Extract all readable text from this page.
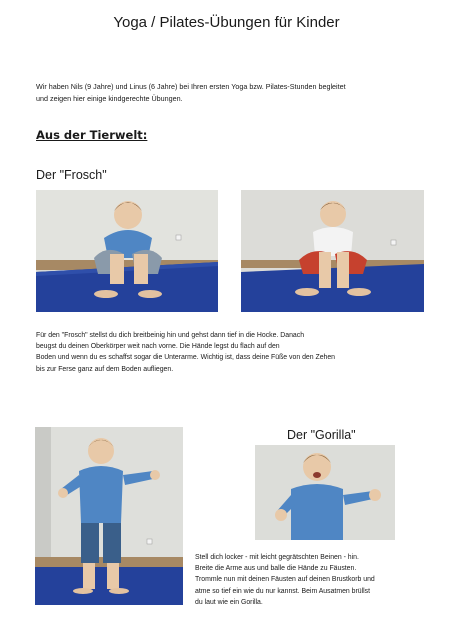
Yoga / Pilates-Übungen für Kinder
Wir haben Nils (9 Jahre) und Linus (6 Jahre) bei Ihren ersten Yoga bzw. Pilates-Stunden begleitet
und zeigen hier einige kindgerechte Übungen.
Aus der Tierwelt:
Der "Frosch"
Für den "Frosch" stellst du dich breitbeinig hin und gehst dann tief in die Hocke. Danach
beugst du deinen Oberkörper weit nach vorne. Die Hände legst du flach auf den
Boden und wenn du es schaffst sogar die Unterarme. Wichtig ist, dass deine Füße von den Zehen
bis zur Ferse ganz auf dem Boden aufliegen.
Der "Gorilla"
Stell dich locker - mit leicht gegrätschten Beinen - hin.
Breite die Arme aus und balle die Hände zu Fäusten.
Trommle nun mit deinen Fäusten auf deinen Brustkorb und
atme so tief ein wie du nur kannst. Beim Ausatmen brüllst
du laut wie ein Gorilla.
